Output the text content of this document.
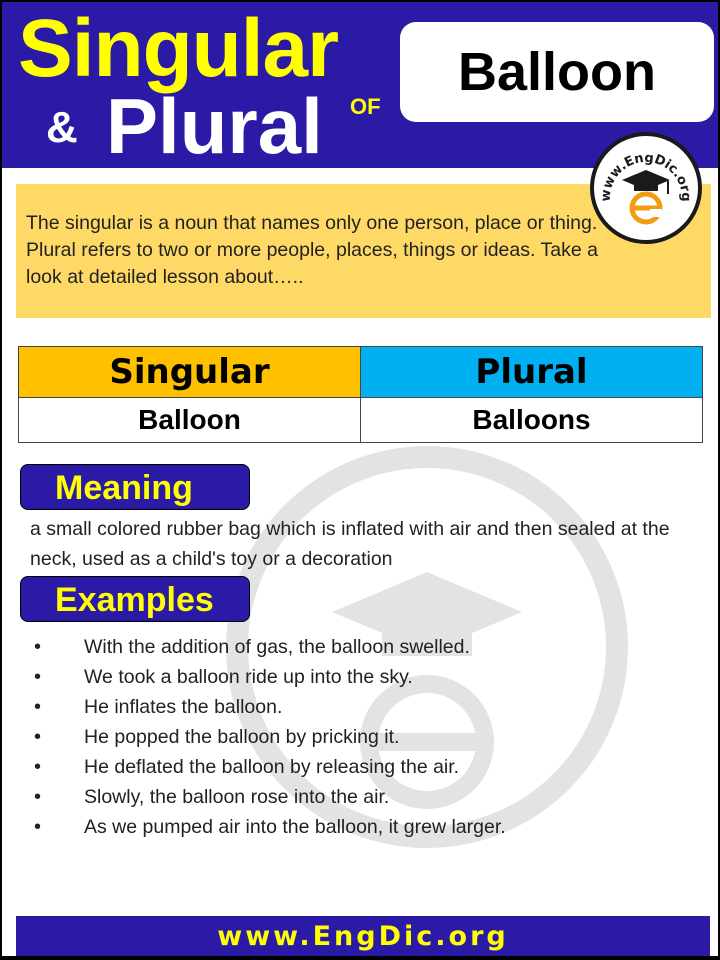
Singular
& Plural OF
Balloon
www.EngDic.org
The singular is a noun that names only one person, place or thing. Plural refers to two or more people, places, things or ideas. Take a look at detailed lesson about…..
Singular	Plural
Balloon	Balloons
Meaning
a small colored rubber bag which is inflated with air and then sealed at the neck, used as a child's toy or a decoration
Examples
• With the addition of gas, the balloon swelled.
• We took a balloon ride up into the sky.
• He inflates the balloon.
• He popped the balloon by pricking it.
• He deflated the balloon by releasing the air.
• Slowly, the balloon rose into the air.
• As we pumped air into the balloon, it grew larger.
www.EngDic.org
